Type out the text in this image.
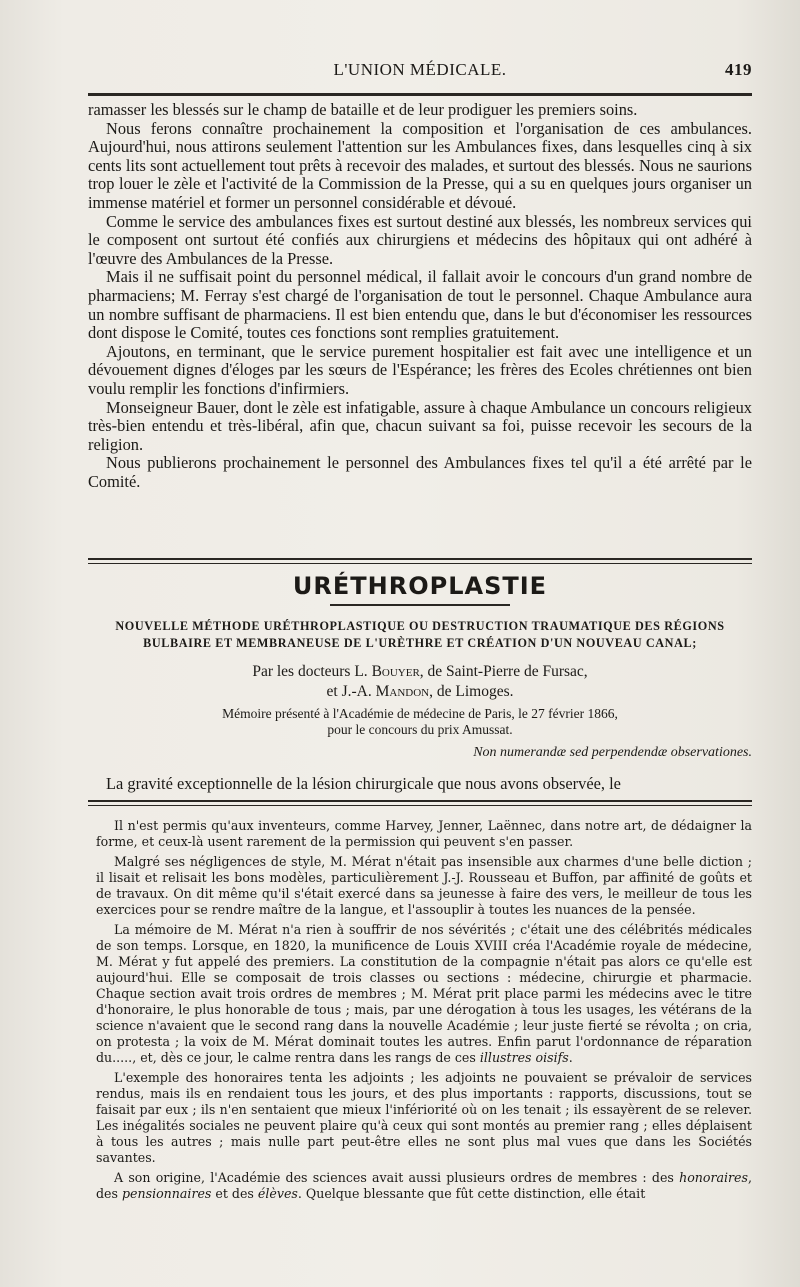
L'UNION MÉDICALE.	419

ramasser les blessés sur le champ de bataille et de leur prodiguer les premiers soins.

Nous ferons connaître prochainement la composition et l'organisation de ces ambulances. Aujourd'hui, nous attirons seulement l'attention sur les Ambulances fixes, dans lesquelles cinq à six cents lits sont actuellement tout prêts à recevoir des malades, et surtout des blessés. Nous ne saurions trop louer le zèle et l'activité de la Commission de la Presse, qui a su en quelques jours organiser un immense matériel et former un personnel considérable et dévoué.

Comme le service des ambulances fixes est surtout destiné aux blessés, les nombreux services qui le composent ont surtout été confiés aux chirurgiens et médecins des hôpitaux qui ont adhéré à l'œuvre des Ambulances de la Presse.

Mais il ne suffisait point du personnel médical, il fallait avoir le concours d'un grand nombre de pharmaciens; M. Ferray s'est chargé de l'organisation de tout le personnel. Chaque Ambulance aura un nombre suffisant de pharmaciens. Il est bien entendu que, dans le but d'économiser les ressources dont dispose le Comité, toutes ces fonctions sont remplies gratuitement.

Ajoutons, en terminant, que le service purement hospitalier est fait avec une intelligence et un dévouement dignes d'éloges par les sœurs de l'Espérance; les frères des Ecoles chrétiennes ont bien voulu remplir les fonctions d'infirmiers.

Monseigneur Bauer, dont le zèle est infatigable, assure à chaque Ambulance un concours religieux très-bien entendu et très-libéral, afin que, chacun suivant sa foi, puisse recevoir les secours de la religion.

Nous publierons prochainement le personnel des Ambulances fixes tel qu'il a été arrêté par le Comité.

URÉTHROPLASTIE
NOUVELLE MÉTHODE URÉTHROPLASTIQUE OU DESTRUCTION TRAUMATIQUE DES RÉGIONS
BULBAIRE ET MEMBRANEUSE DE L'URÈTHRE ET CRÉATION D'UN NOUVEAU CANAL;
Par les docteurs L. Bouyer, de Saint-Pierre de Fursac,
et J.-A. Mandon, de Limoges.
Mémoire présenté à l'Académie de médecine de Paris, le 27 février 1866,
pour le concours du prix Amussat.
Non numerandæ sed perpendendæ observationes.
La gravité exceptionnelle de la lésion chirurgicale que nous avons observée, le

Il n'est permis qu'aux inventeurs, comme Harvey, Jenner, Laënnec, dans notre art, de dédaigner la forme, et ceux-là usent rarement de la permission qui peuvent s'en passer.

Malgré ses négligences de style, M. Mérat n'était pas insensible aux charmes d'une belle diction ; il lisait et relisait les bons modèles, particulièrement J.-J. Rousseau et Buffon, par affinité de goûts et de travaux. On dit même qu'il s'était exercé dans sa jeunesse à faire des vers, le meilleur de tous les exercices pour se rendre maître de la langue, et l'assouplir à toutes les nuances de la pensée.

La mémoire de M. Mérat n'a rien à souffrir de nos sévérités ; c'était une des célébrités médicales de son temps. Lorsque, en 1820, la munificence de Louis XVIII créa l'Académie royale de médecine, M. Mérat y fut appelé des premiers. La constitution de la compagnie n'était pas alors ce qu'elle est aujourd'hui. Elle se composait de trois classes ou sections : médecine, chirurgie et pharmacie. Chaque section avait trois ordres de membres ; M. Mérat prit place parmi les médecins avec le titre d'honoraire, le plus honorable de tous ; mais, par une dérogation à tous les usages, les vétérans de la science n'avaient que le second rang dans la nouvelle Académie ; leur juste fierté se révolta ; on cria, on protesta ; la voix de M. Mérat dominait toutes les autres. Enfin parut l'ordonnance de réparation du....., et, dès ce jour, le calme rentra dans les rangs de ces illustres oisifs.

L'exemple des honoraires tenta les adjoints ; les adjoints ne pouvaient se prévaloir de services rendus, mais ils en rendaient tous les jours, et des plus importants : rapports, discussions, tout se faisait par eux ; ils n'en sentaient que mieux l'infériorité où on les tenait ; ils essayèrent de se relever. Les inégalités sociales ne peuvent plaire qu'à ceux qui sont montés au premier rang ; elles déplaisent à tous les autres ; mais nulle part peut-être elles ne sont plus mal vues que dans les Sociétés savantes.

A son origine, l'Académie des sciences avait aussi plusieurs ordres de membres : des honoraires, des pensionnaires et des élèves. Quelque blessante que fût cette distinction, elle était
